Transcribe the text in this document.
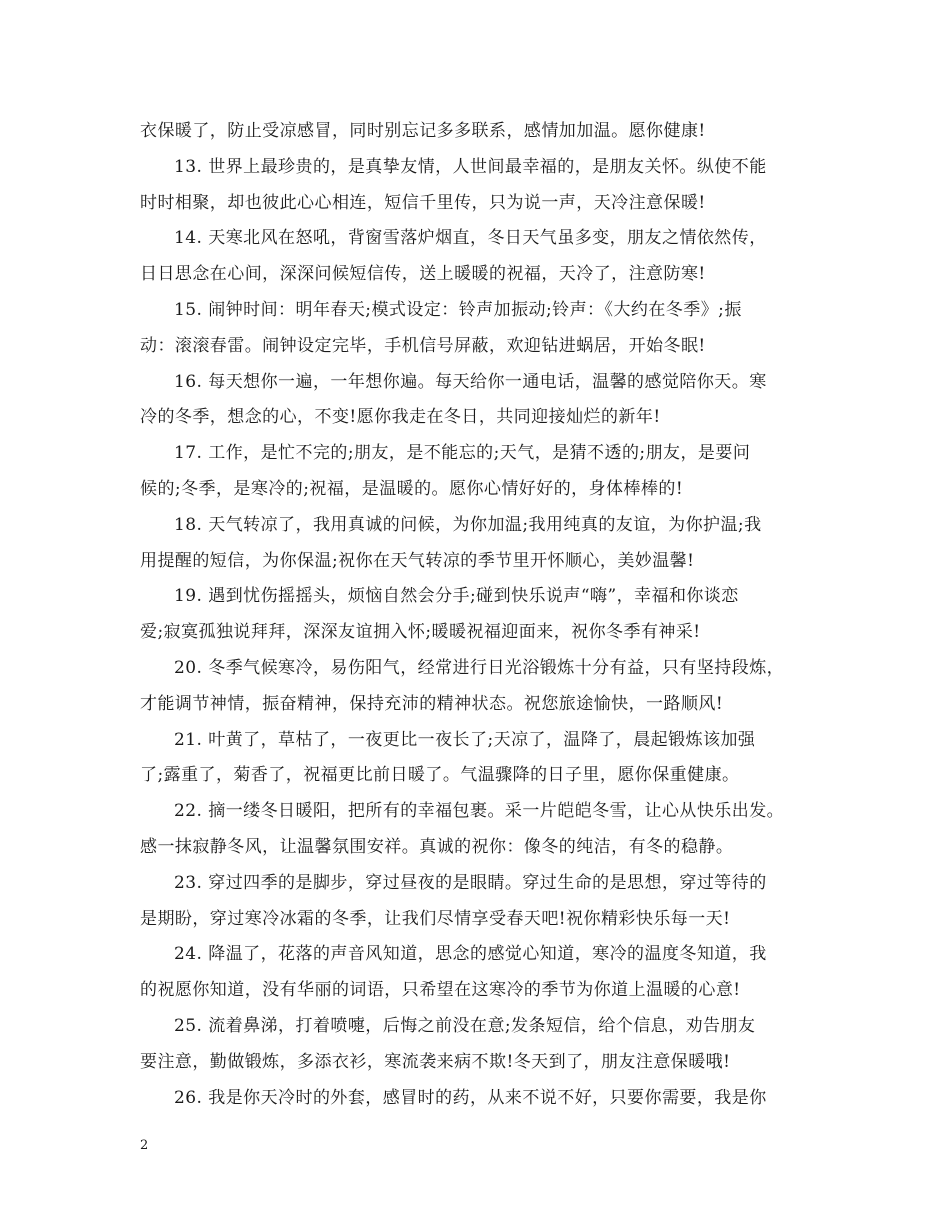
衣保暖了，防止受凉感冒，同时别忘记多多联系，感情加加温。愿你健康!
13. 世界上最珍贵的，是真挚友情，人世间最幸福的，是朋友关怀。纵使不能
时时相聚，却也彼此心心相连，短信千里传，只为说一声，天冷注意保暖!
14. 天寒北风在怒吼，背窗雪落炉烟直，冬日天气虽多变，朋友之情依然传，
日日思念在心间，深深问候短信传，送上暖暖的祝福，天冷了，注意防寒!
15. 闹钟时间：明年春天;模式设定：铃声加振动;铃声：《大约在冬季》;振
动：滚滚春雷。闹钟设定完毕，手机信号屏蔽，欢迎钻进蜗居，开始冬眠!
16. 每天想你一遍，一年想你遍。每天给你一通电话，温馨的感觉陪你天。寒
冷的冬季，想念的心，不变!愿你我走在冬日，共同迎接灿烂的新年!
17. 工作，是忙不完的;朋友，是不能忘的;天气，是猜不透的;朋友，是要问
候的;冬季，是寒冷的;祝福，是温暖的。愿你心情好好的，身体棒棒的!
18. 天气转凉了，我用真诚的问候，为你加温;我用纯真的友谊，为你护温;我
用提醒的短信，为你保温;祝你在天气转凉的季节里开怀顺心，美妙温馨!
19. 遇到忧伤摇摇头，烦恼自然会分手;碰到快乐说声“嗨”，幸福和你谈恋
爱;寂寞孤独说拜拜，深深友谊拥入怀;暖暖祝福迎面来，祝你冬季有神采!
20. 冬季气候寒冷，易伤阳气，经常进行日光浴锻炼十分有益，只有坚持段炼，
才能调节神情，振奋精神，保持充沛的精神状态。祝您旅途愉快，一路顺风!
21. 叶黄了，草枯了，一夜更比一夜长了;天凉了，温降了，晨起锻炼该加强
了;露重了，菊香了，祝福更比前日暖了。气温骤降的日子里，愿你保重健康。
22. 摘一缕冬日暖阳，把所有的幸福包裹。采一片皑皑冬雪，让心从快乐出发。
感一抹寂静冬风，让温馨氛围安祥。真诚的祝你：像冬的纯洁，有冬的稳静。
23. 穿过四季的是脚步，穿过昼夜的是眼睛。穿过生命的是思想，穿过等待的
是期盼，穿过寒冷冰霜的冬季，让我们尽情享受春天吧!祝你精彩快乐每一天!
24. 降温了，花落的声音风知道，思念的感觉心知道，寒冷的温度冬知道，我
的祝愿你知道，没有华丽的词语，只希望在这寒冷的季节为你道上温暖的心意!
25. 流着鼻涕，打着喷嚏，后悔之前没在意;发条短信，给个信息，劝告朋友
要注意，勤做锻炼，多添衣衫，寒流袭来病不欺!冬天到了，朋友注意保暖哦!
26. 我是你天冷时的外套，感冒时的药，从来不说不好，只要你需要，我是你
2
